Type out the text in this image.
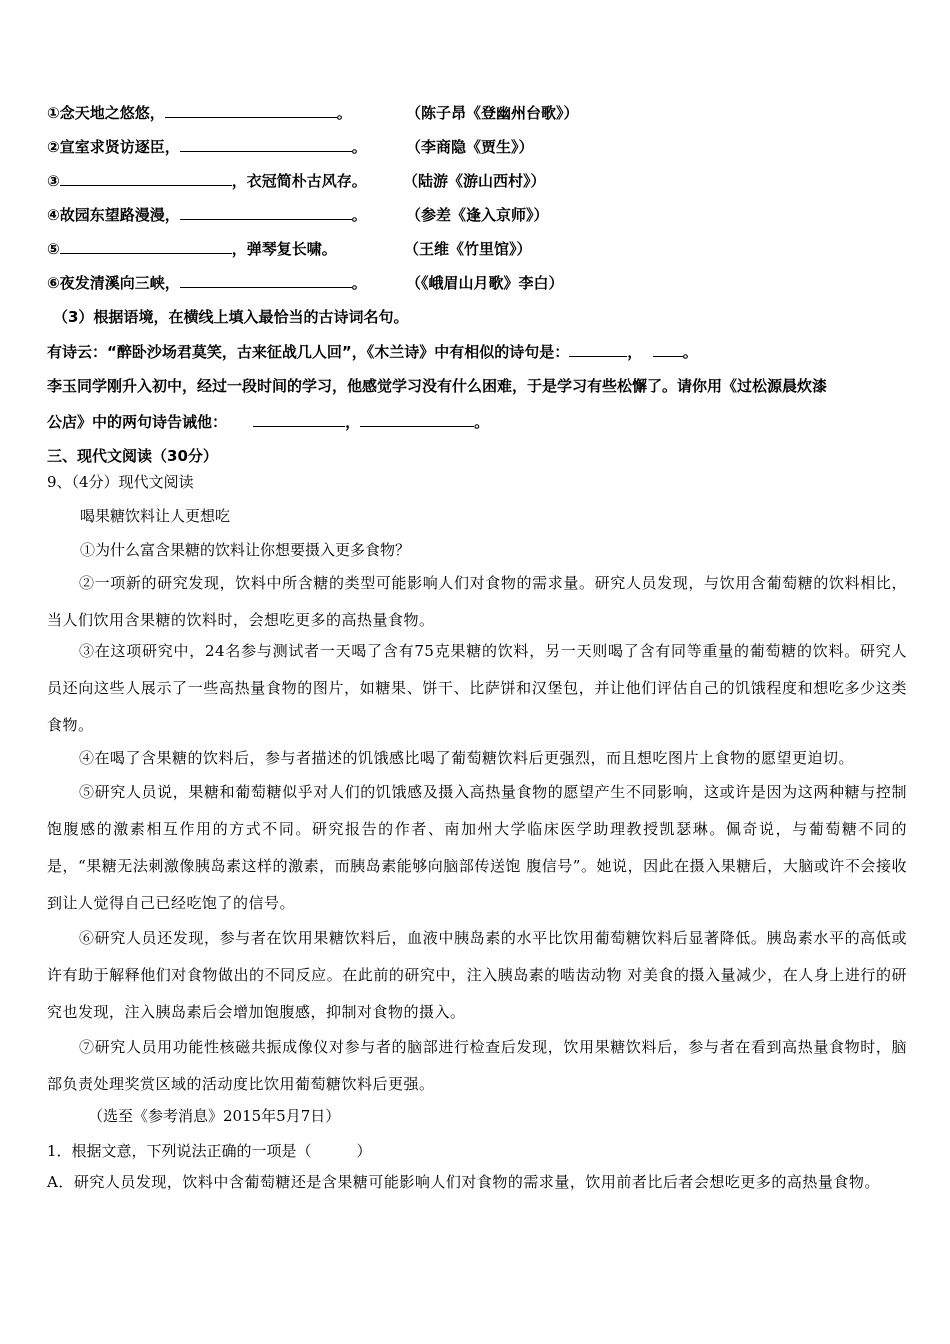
①念天地之悠悠，	。	（陈子昂《登幽州台歌》）
②宣室求贤访逐臣，	。	（李商隐《贾生》）
③	，衣冠简朴古风存。 （陆游《游山西村》）
④故园东望路漫漫，	。	（参差《逢入京师》）
⑤	，弹琴复长啸。	（王维《竹里馆》）
⑥夜发清溪向三峡，	。	（《峨眉山月歌》李白）
（3）根据语境，在横线上填入最恰当的古诗词名句。
有诗云：“醉卧沙场君莫笑，古来征战几人回”，《木兰诗》中有相似的诗句是：	，	。
李玉同学刚升入初中，经过一段时间的学习，他感觉学习没有什么困难，于是学习有些松懈了。请你用《过松源晨炊漆
公店》中的两句诗告诫他：	，	。
三、现代文阅读（30分）
9、（4分）现代文阅读
喝果糖饮料让人更想吃
①为什么富含果糖的饮料让你想要摄入更多食物？
②一项新的研究发现，饮料中所含糖的类型可能影响人们对食物的需求量。研究人员发现，与饮用含葡萄糖的饮料相比，当人们饮用含果糖的饮料时，会想吃更多的高热量食物。
③在这项研究中，24名参与测试者一天喝了含有75克果糖的饮料，另一天则喝了含有同等重量的葡萄糖的饮料。研究人员还向这些人展示了一些高热量食物的图片，如糖果、饼干、比萨饼和汉堡包，并让他们评估自己的饥饿程度和想吃多少这类食物。
④在喝了含果糖的饮料后，参与者描述的饥饿感比喝了葡萄糖饮料后更强烈，而且想吃图片上食物的愿望更迫切。
⑤研究人员说，果糖和葡萄糖似乎对人们的饥饿感及摄入高热量食物的愿望产生不同影响，这或许是因为这两种糖与控制饱腹感的激素相互作用的方式不同。研究报告的作者、南加州大学临床医学助理教授凯瑟琳。佩奇说，与葡萄糖不同的是，“果糖无法刺激像胰岛素这样的激素，而胰岛素能够向脑部传送饱 腹信号”。她说，因此在摄入果糖后，大脑或许不会接收到让人觉得自己已经吃饱了的信号。
⑥研究人员还发现，参与者在饮用果糖饮料后，血液中胰岛素的水平比饮用葡萄糖饮料后显著降低。胰岛素水平的高低或许有助于解释他们对食物做出的不同反应。在此前的研究中，注入胰岛素的啮齿动物 对美食的摄入量减少，在人身上进行的研究也发现，注入胰岛素后会增加饱腹感，抑制对食物的摄入。
⑦研究人员用功能性核磁共振成像仪对参与者的脑部进行检查后发现，饮用果糖饮料后，参与者在看到高热量食物时，脑部负责处理奖赏区域的活动度比饮用葡萄糖饮料后更强。
（选至《参考消息》2015年5月7日）
1．根据文意，下列说法正确的一项是（　　　）
A．研究人员发现，饮料中含葡萄糖还是含果糖可能影响人们对食物的需求量，饮用前者比后者会想吃更多的高热量食物。
